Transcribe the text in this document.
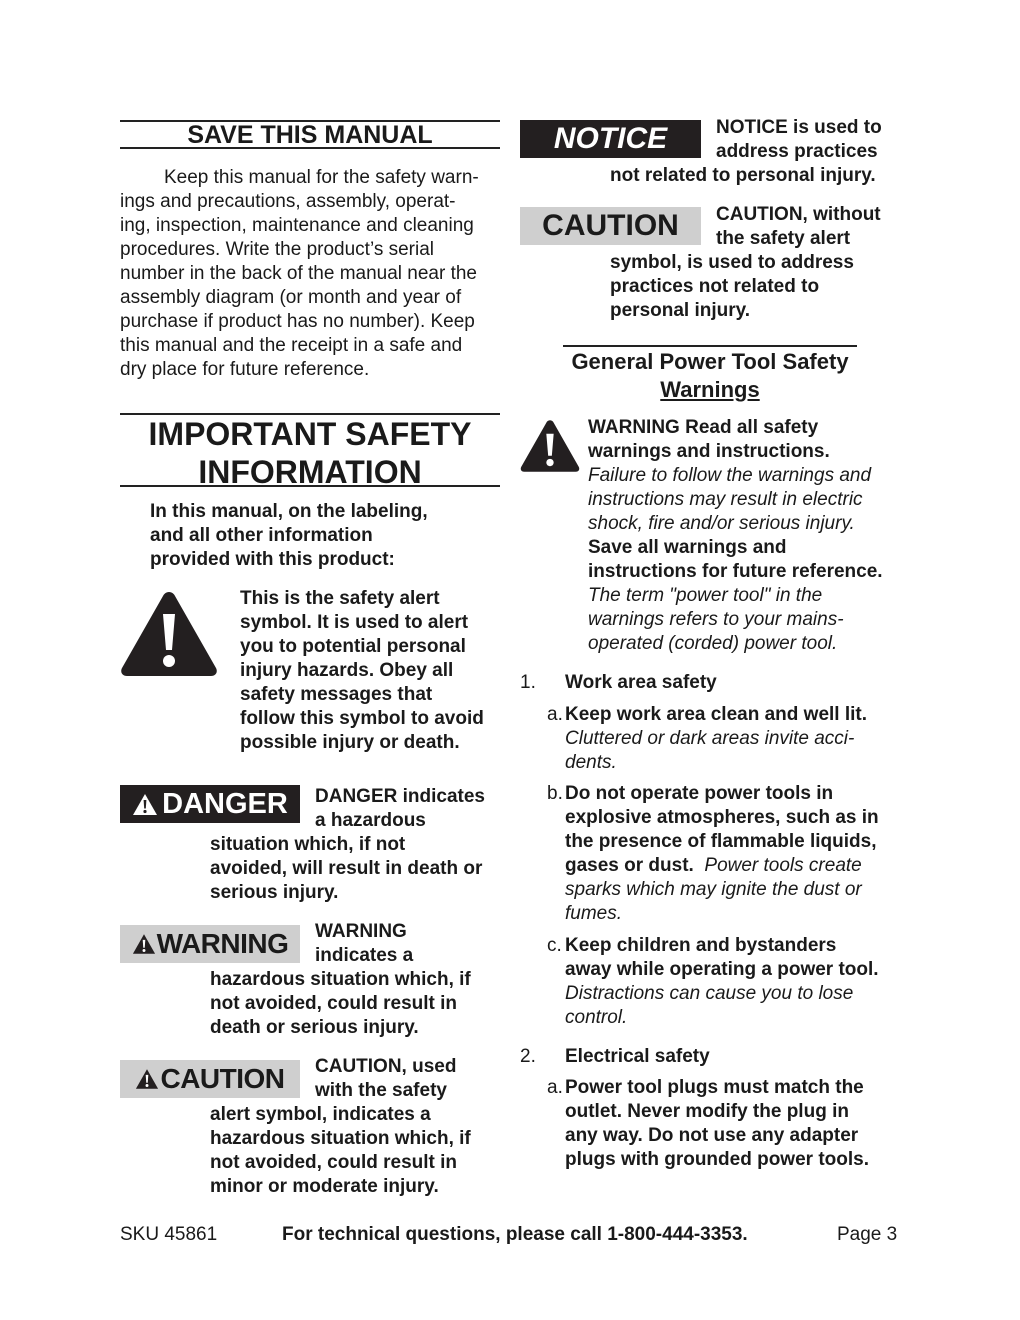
SAVE THIS MANUAL
Keep this manual for the safety warn-
ings and precautions, assembly, operat-
ing, inspection, maintenance and cleaning
procedures. Write the product’s serial
number in the back of the manual near the
assembly diagram (or month and year of
purchase if product has no number). Keep
this manual and the receipt in a safe and
dry place for future reference.
IMPORTANT SAFETY
INFORMATION
In this manual, on the labeling,
and all other information
provided with this product:
This is the safety alert
symbol. It is used to alert
you to potential personal
injury hazards. Obey all
safety messages that
follow this symbol to avoid
possible injury or death.
DANGER DANGER indicates
a hazardous
situation which, if not
avoided, will result in death or
serious injury.
WARNING WARNING
indicates a
hazardous situation which, if
not avoided, could result in
death or serious injury.
CAUTION CAUTION, used
with the safety
alert symbol, indicates a
hazardous situation which, if
not avoided, could result in
minor or moderate injury.
NOTICE	NOTICE is used to
address practices
not related to personal injury.
CAUTION CAUTION, without
the safety alert
symbol, is used to address
practices not related to
personal injury.
General Power Tool Safety
Warnings
WARNING Read all safety
warnings and instructions.
Failure to follow the warnings and
instructions may result in electric
shock, fire and/or serious injury.
Save all warnings and
instructions for future reference.
The term "power tool" in the
warnings refers to your mains-
operated (corded) power tool.
1. Work area safety
a. Keep work area clean and well lit.
Cluttered or dark areas invite acci-
dents.
b. Do not operate power tools in
explosive atmospheres, such as in
the presence of flammable liquids,
gases or dust. Power tools create
sparks which may ignite the dust or
fumes.
c. Keep children and bystanders
away while operating a power tool.
Distractions can cause you to lose
control.
2. Electrical safety
a. Power tool plugs must match the
outlet. Never modify the plug in
any way. Do not use any adapter
plugs with grounded power tools.
SKU 45861	For technical questions, please call 1-800-444-3353.	Page 3
